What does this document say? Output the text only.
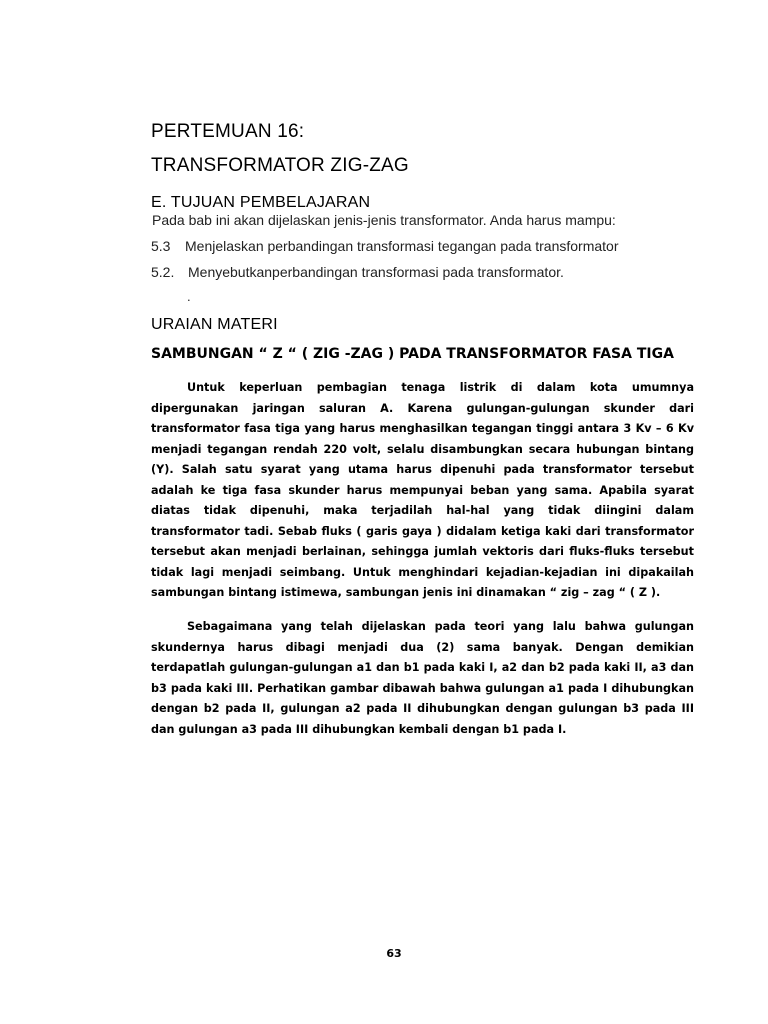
PERTEMUAN 16:
TRANSFORMATOR ZIG-ZAG
E. TUJUAN PEMBELAJARAN
Pada bab ini akan dijelaskan jenis-jenis transformator. Anda harus mampu:
5.3 Menjelaskan perbandingan transformasi tegangan pada transformator
5.2. Menyebutkanperbandingan transformasi pada transformator.
.
URAIAN MATERI
SAMBUNGAN “ Z “ ( ZIG -ZAG ) PADA TRANSFORMATOR FASA TIGA

Untuk keperluan pembagian tenaga listrik di dalam kota umumnya dipergunakan jaringan saluran A. Karena gulungan-gulungan skunder dari transformator fasa tiga yang harus menghasilkan tegangan tinggi antara 3 Kv – 6 Kv menjadi tegangan rendah 220 volt, selalu disambungkan secara hubungan bintang (Y). Salah satu syarat yang utama harus dipenuhi pada transformator tersebut adalah ke tiga fasa skunder harus mempunyai beban yang sama. Apabila syarat diatas tidak dipenuhi, maka terjadilah hal-hal yang tidak diingini dalam transformator tadi. Sebab fluks ( garis gaya ) didalam ketiga kaki dari transformator tersebut akan menjadi berlainan, sehingga jumlah vektoris dari fluks-fluks tersebut tidak lagi menjadi seimbang. Untuk menghindari kejadian-kejadian ini dipakailah sambungan bintang istimewa, sambungan jenis ini dinamakan “ zig – zag “ ( Z ).

Sebagaimana yang telah dijelaskan pada teori yang lalu bahwa gulungan skundernya harus dibagi menjadi dua (2) sama banyak. Dengan demikian terdapatlah gulungan-gulungan a1 dan b1 pada kaki I, a2 dan b2 pada kaki II, a3 dan b3 pada kaki III. Perhatikan gambar dibawah bahwa gulungan a1 pada I dihubungkan dengan b2 pada II, gulungan a2 pada II dihubungkan dengan gulungan b3 pada III dan gulungan a3 pada III dihubungkan kembali dengan b1 pada I.

63
